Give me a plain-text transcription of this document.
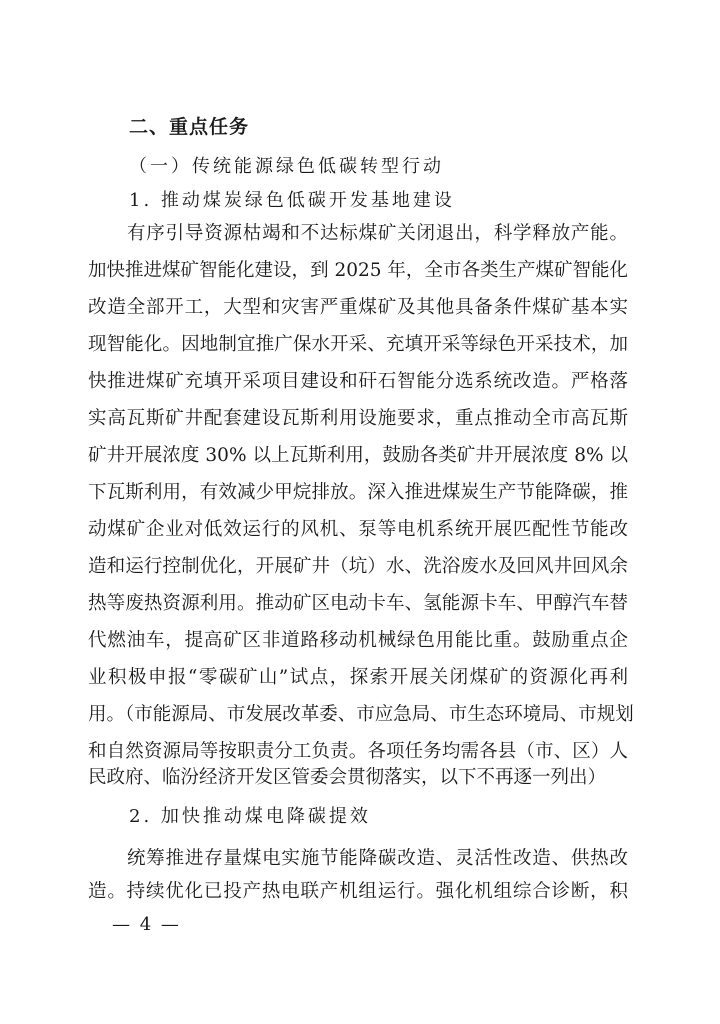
二、重点任务
（一）传统能源绿色低碳转型行动
1. 推动煤炭绿色低碳开发基地建设
有序引导资源枯竭和不达标煤矿关闭退出，科学释放产能。
加快推进煤矿智能化建设，到 2025 年，全市各类生产煤矿智能化
改造全部开工，大型和灾害严重煤矿及其他具备条件煤矿基本实
现智能化。因地制宜推广保水开采、充填开采等绿色开采技术，加
快推进煤矿充填开采项目建设和矸石智能分选系统改造。严格落
实高瓦斯矿井配套建设瓦斯利用设施要求，重点推动全市高瓦斯
矿井开展浓度 30% 以上瓦斯利用，鼓励各类矿井开展浓度 8% 以
下瓦斯利用，有效减少甲烷排放。深入推进煤炭生产节能降碳，推
动煤矿企业对低效运行的风机、泵等电机系统开展匹配性节能改
造和运行控制优化，开展矿井（坑）水、洗浴废水及回风井回风余
热等废热资源利用。推动矿区电动卡车、氢能源卡车、甲醇汽车替
代燃油车，提高矿区非道路移动机械绿色用能比重。鼓励重点企
业积极申报“零碳矿山”试点，探索开展关闭煤矿的资源化再利
用。（市能源局、市发展改革委、市应急局、市生态环境局、市规划
和自然资源局等按职责分工负责。各项任务均需各县（市、区）人
民政府、临汾经济开发区管委会贯彻落实，以下不再逐一列出）
2. 加快推动煤电降碳提效
统筹推进存量煤电实施节能降碳改造、灵活性改造、供热改
造。持续优化已投产热电联产机组运行。强化机组综合诊断，积
— 4 —
